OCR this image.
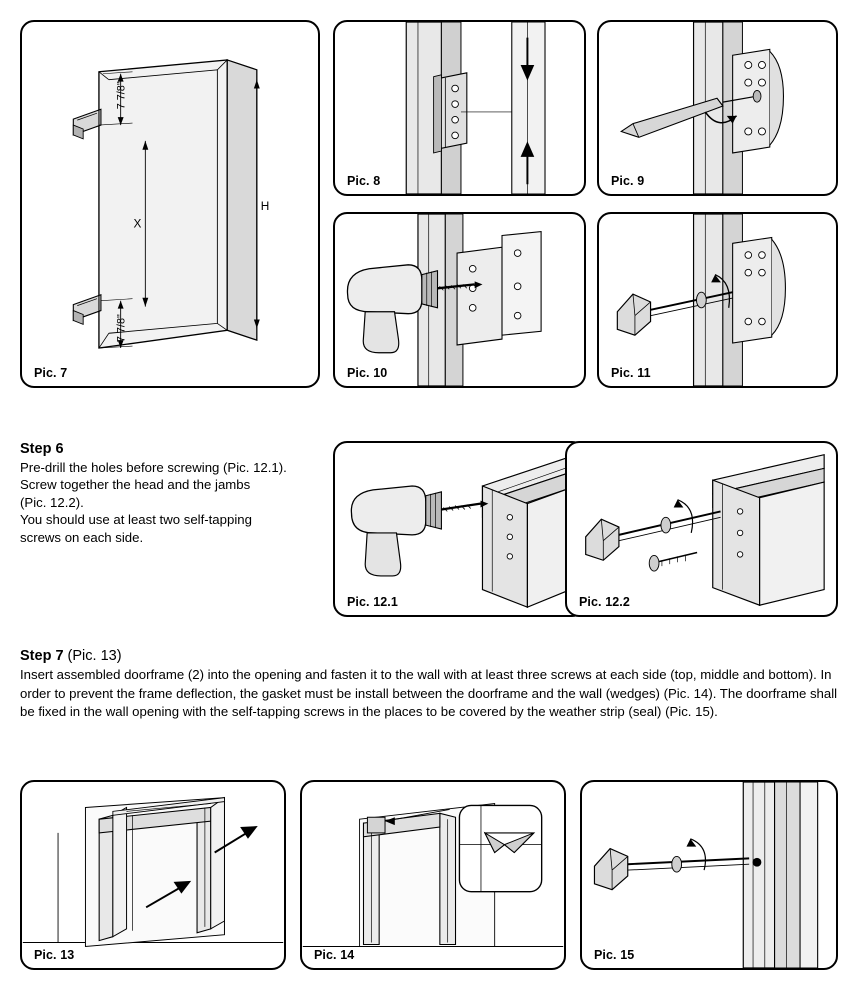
7 7/8"
7 7/8"
X
H
Pic. 7
Pic. 8	Pic. 9
Pic. 10	Pic. 11
Step 6
Pre-drill the holes before screwing (Pic. 12.1).
Screw together the head and the jambs
(Pic. 12.2).
You should use at least two self-tapping
screws on each side.
Pic. 12.1	Pic. 12.2
Step 7 (Pic. 13)
Insert assembled doorframe (2) into the opening and fasten it to the wall with at least three screws at each side (top, middle and bottom). In order to prevent the frame deflection, the gasket must be install between the doorframe and the wall (wedges) (Pic. 14). The doorframe shall be fixed in the wall opening with the self-tapping screws in the places to be covered by the weather strip (seal) (Pic. 15).
Pic. 13	Pic. 14	Pic. 15
